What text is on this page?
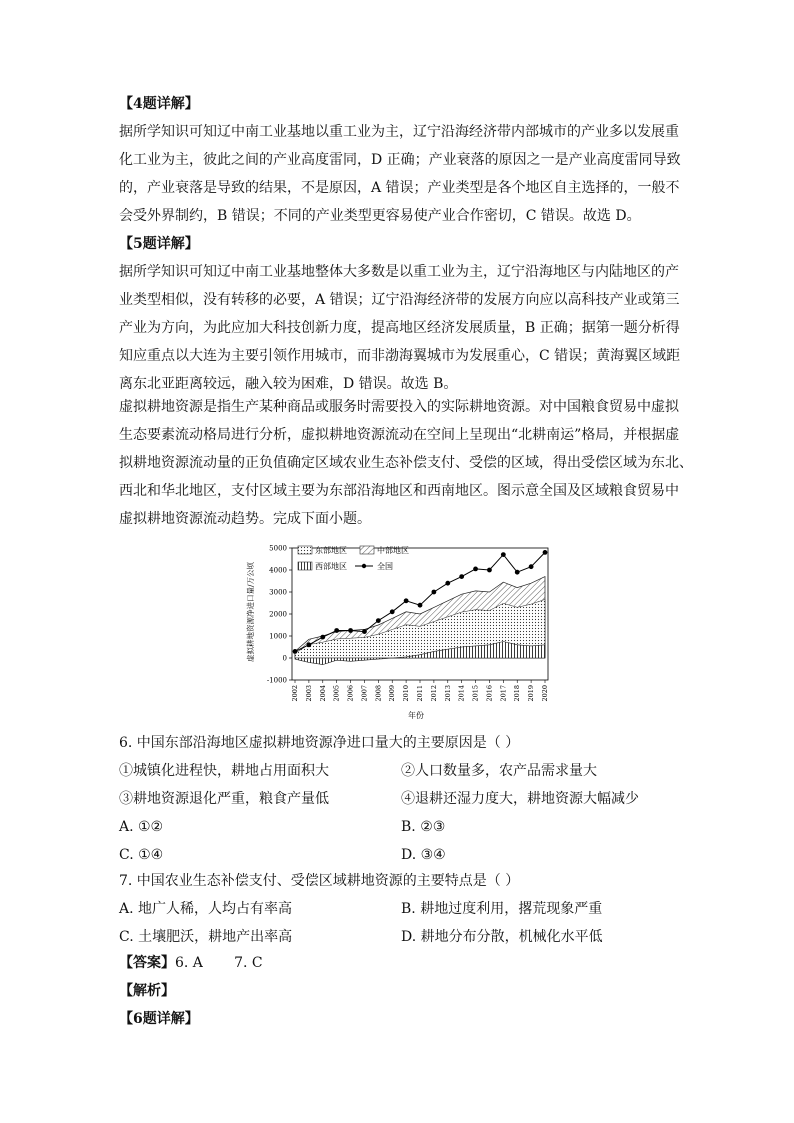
【4题详解】

据所学知识可知辽中南工业基地以重工业为主，辽宁沿海经济带内部城市的产业多以发展重
化工业为主，彼此之间的产业高度雷同，D 正确；产业衰落的原因之一是产业高度雷同导致
的，产业衰落是导致的结果，不是原因，A 错误；产业类型是各个地区自主选择的，一般不
会受外界制约，B 错误；不同的产业类型更容易使产业合作密切，C 错误。故选 D。

【5题详解】

据所学知识可知辽中南工业基地整体大多数是以重工业为主，辽宁沿海地区与内陆地区的产
业类型相似，没有转移的必要，A 错误；辽宁沿海经济带的发展方向应以高科技产业或第三
产业为方向，为此应加大科技创新力度，提高地区经济发展质量，B 正确；据第一题分析得
知应重点以大连为主要引领作用城市，而非渤海翼城市为发展重心，C 错误；黄海翼区域距
离东北亚距离较远，融入较为困难，D 错误。故选 B。

虚拟耕地资源是指生产某种商品或服务时需要投入的实际耕地资源。对中国粮食贸易中虚拟
生态要素流动格局进行分析，虚拟耕地资源流动在空间上呈现出“北耕南运”格局，并根据虚
拟耕地资源流动量的正负值确定区域农业生态补偿支付、受偿的区域，得出受偿区域为东北、
西北和华北地区，支付区域主要为东部沿海地区和西南地区。图示意全国及区域粮食贸易中
虚拟耕地资源流动趋势。完成下面小题。

5000
4000
3000
2000
1000
0
-1000
2002 2003 2004 2005 2006 2007 2008 2009 2010 2011 2012 2013 2014 2015 2016 2017 2018 2019 2020
东部地区	中部地区
西部地区	全国
虚拟耕地资源净进口量/万公顷
年份

6. 中国东部沿海地区虚拟耕地资源净进口量大的主要原因是（ ）

①城镇化进程快，耕地占用面积大	②人口数量多，农产品需求量大
③耕地资源退化严重，粮食产量低	④退耕还湿力度大，耕地资源大幅减少
A. ①②	B. ②③
C. ①④	D. ③④

7. 中国农业生态补偿支付、受偿区域耕地资源的主要特点是（ ）

A. 地广人稀，人均占有率高	B. 耕地过度利用，撂荒现象严重
C. 土壤肥沃，耕地产出率高	D. 耕地分布分散，机械化水平低

【答案】6. A       7. C

【解析】

【6题详解】
